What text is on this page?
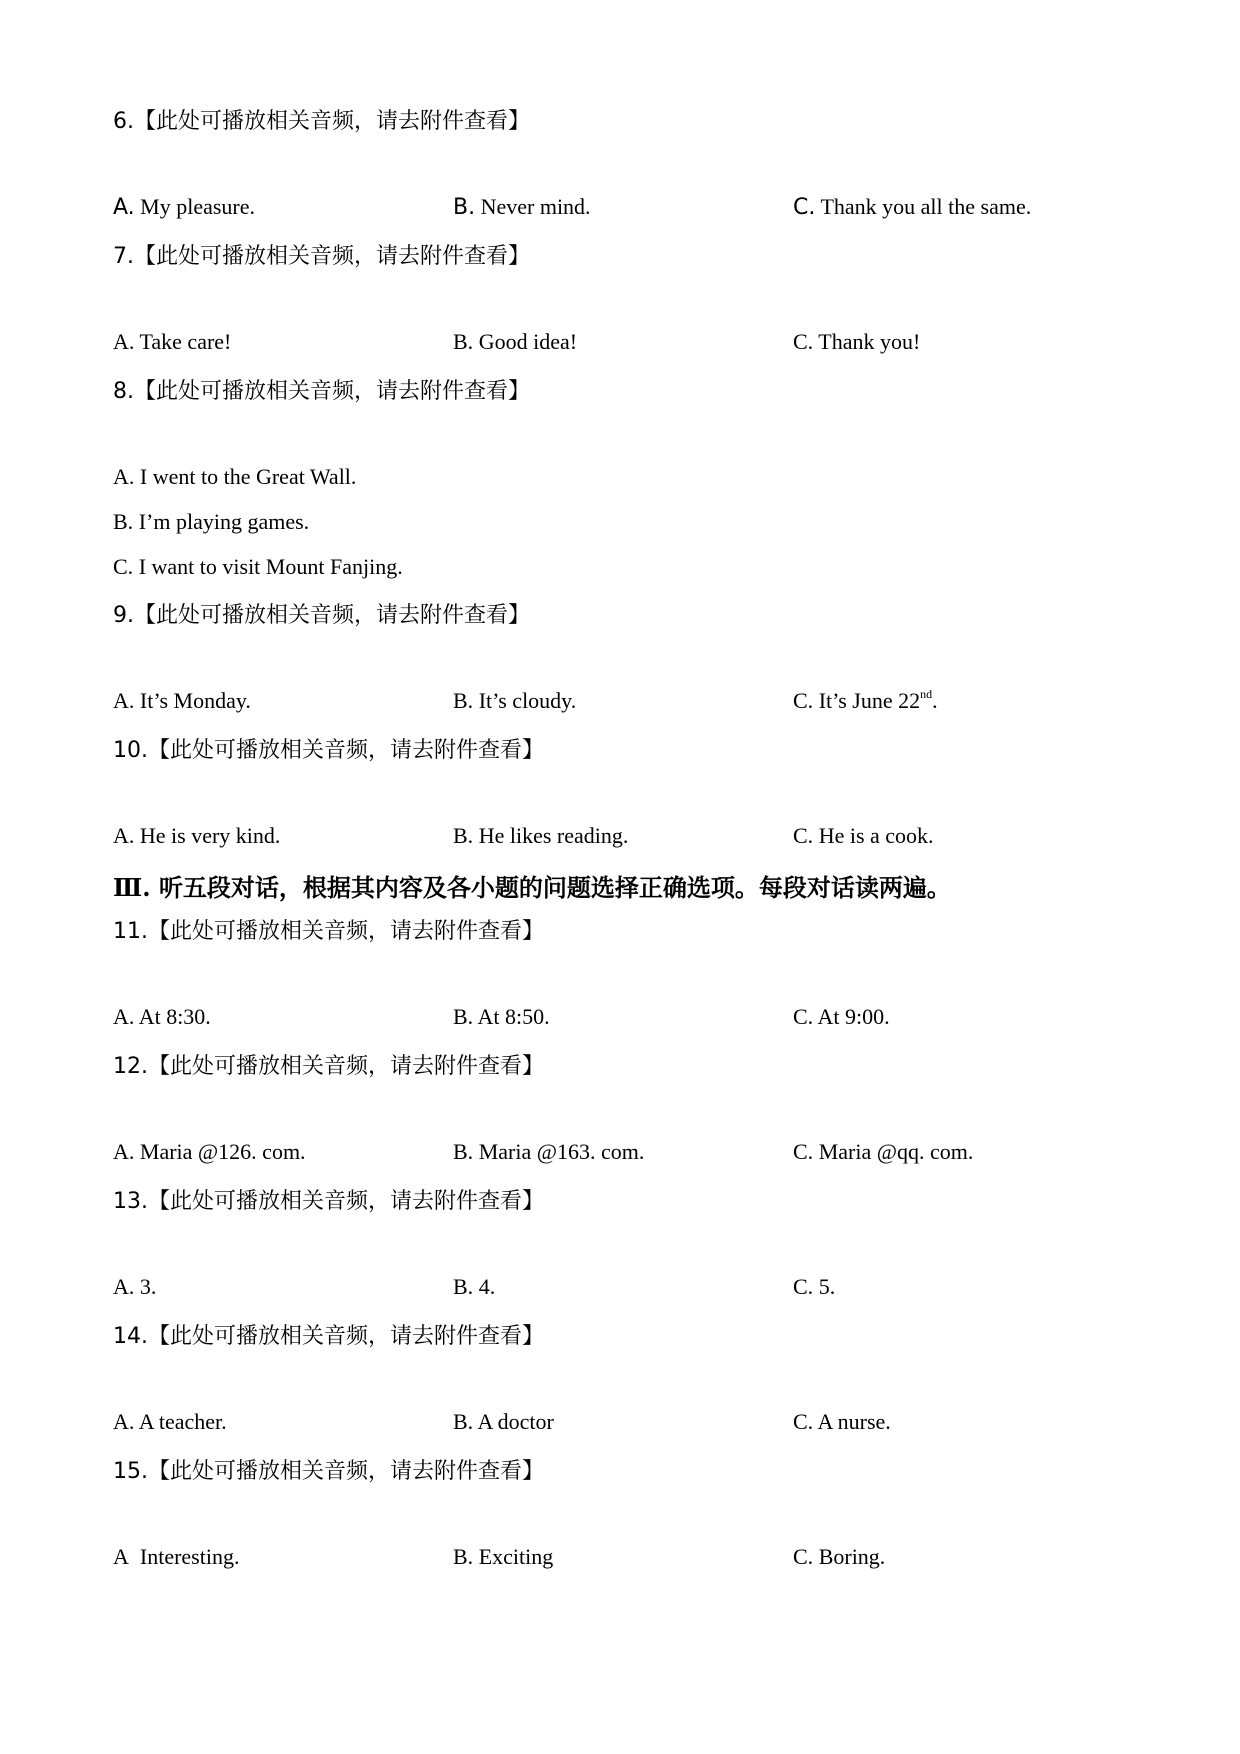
6.【此处可播放相关音频，请去附件查看】
A. My pleasure.	B. Never mind.	C. Thank you all the same.
7.【此处可播放相关音频，请去附件查看】
A. Take care!	B. Good idea!	C. Thank you!
8.【此处可播放相关音频，请去附件查看】
A. I went to the Great Wall.
B. I’m playing games.
C. I want to visit Mount Fanjing.
9.【此处可播放相关音频，请去附件查看】
A. It’s Monday.	B. It’s cloudy.	C. It’s June 22nd.
10.【此处可播放相关音频，请去附件查看】
A. He is very kind.	B. He likes reading.	C. He is a cook.
Ⅲ. 听五段对话，根据其内容及各小题的问题选择正确选项。每段对话读两遍。
11.【此处可播放相关音频，请去附件查看】
A. At 8:30.	B. At 8:50.	C. At 9:00.
12.【此处可播放相关音频，请去附件查看】
A. Maria @126. com.	B. Maria @163. com.	C. Maria @qq. com.
13.【此处可播放相关音频，请去附件查看】
A. 3.	B. 4.	C. 5.
14.【此处可播放相关音频，请去附件查看】
A. A teacher.	B. A doctor	C. A nurse.
15.【此处可播放相关音频，请去附件查看】
A Interesting.	B. Exciting	C. Boring.
